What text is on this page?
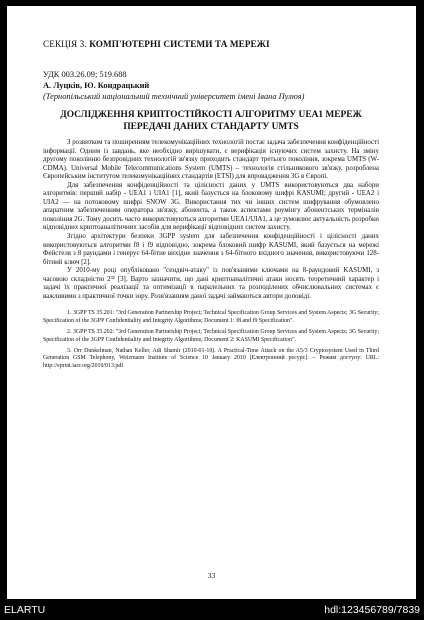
СЕКЦІЯ 3. КОМП'ЮТЕРНІ СИСТЕМИ ТА МЕРЕЖІ
УДК 003.26.09; 519.688
А. Луцків, Ю. Кондрацький
(Тернопільський національний технічний університет імені Івана Пулюя)
ДОСЛІДЖЕННЯ КРИПТОСТІЙКОСТІ АЛГОРИТМУ UEA1 МЕРЕЖ
ПЕРЕДАЧІ ДАНИХ СТАНДАРТУ UMTS

З розвитком та поширенням телекомунікаційних технологій постає задача забезпечення конфіденційності інформації. Одним із завдань, яке необхідно вирішувати, є верифікація існуючих систем захисту. На зміну другому поколінню безпровідних технологій зв'язку приходить стандарт третього покоління, зокрема UMTS (W-CDMA). Universal Mobile Telecommunications System (UMTS) – технологія стільникового зв'язку, розроблена Європейським інститутом телекомунікаційних стандартів (ETSI) для впровадження 3G в Європі.

Для забезпечення конфіденційності та цілісності даних у UMTS використовуються два набори алгоритмів: перший набір - UEA1 і UIA1 [1], який базується на блоковому шифрі KASUMI; другий - UEA2 і UIA2 — на потоковому шифрі SNOW 3G. Використання тих чи інших систем шифрування обумовлено апаратним забезпеченням оператора зв'язку, абонента, а також аспектами роумінгу абонентських терміналів покоління 2G. Тому досить часто використовуються алгоритми UEA1/UIA1, а це зумовлює актуальність розробки відповідних криптоаналітичних засобів для верифікації відповідних систем захисту.

Згідно архітектури безпеки 3GPP system для забезпечення конфіденційності і цілісності даних використовуються алгоритми f8 і f9 відповідно, зокрема блоковий шифр KASUMI, який базується на мережі Фейстеля з 8 раундами і генерує 64-бітне вихідне значення з 64-бітного вхідного значення, використовуючи 128-бітний ключ [2].

У 2010-му році опубліковано "сендвіч-атаку" із пов'язаними ключами на 8-раундовий KASUMI, з часовою складністю 2³² [3]. Варто зазначити, що дані криптоаналітичні атаки носять теоретичний характер і задачі їх практичної реалізації та оптимізації в паралельних та розподілених обчислювальних системах є важливими з практичної точки зору. Розв'язанням даної задачі займаються автори доповіді.

1. 3GPP TS 35.201: "3rd Generation Partnership Project; Technical Specification Group Services and System Aspects; 3G Security; Specification of the 3GPP Confidentiality and Integrity Algorithms; Document 1: f8 and f9 Specification".

2. 3GPP TS 35.202: "3rd Generation Partnership Project; Technical Specification Group Services and System Aspects; 3G Security; Specification of the 3GPP Confidentiality and Integrity Algorithms; Document 2: KASUMI Specification".

3. Orr Dunkelman, Nathan Keller, Adi Shamir (2010-01-10). A Practical-Time Attack on the A5/3 Cryptosystem Used in Third Generation GSM Telephony, Weizmann Institute of Science 10 January 2010 [Електронний ресурс]. – Режим доступу: URL: http://eprint.iacr.org/2010/013.pdf

33
ELARTU	hdl:123456789/7839
